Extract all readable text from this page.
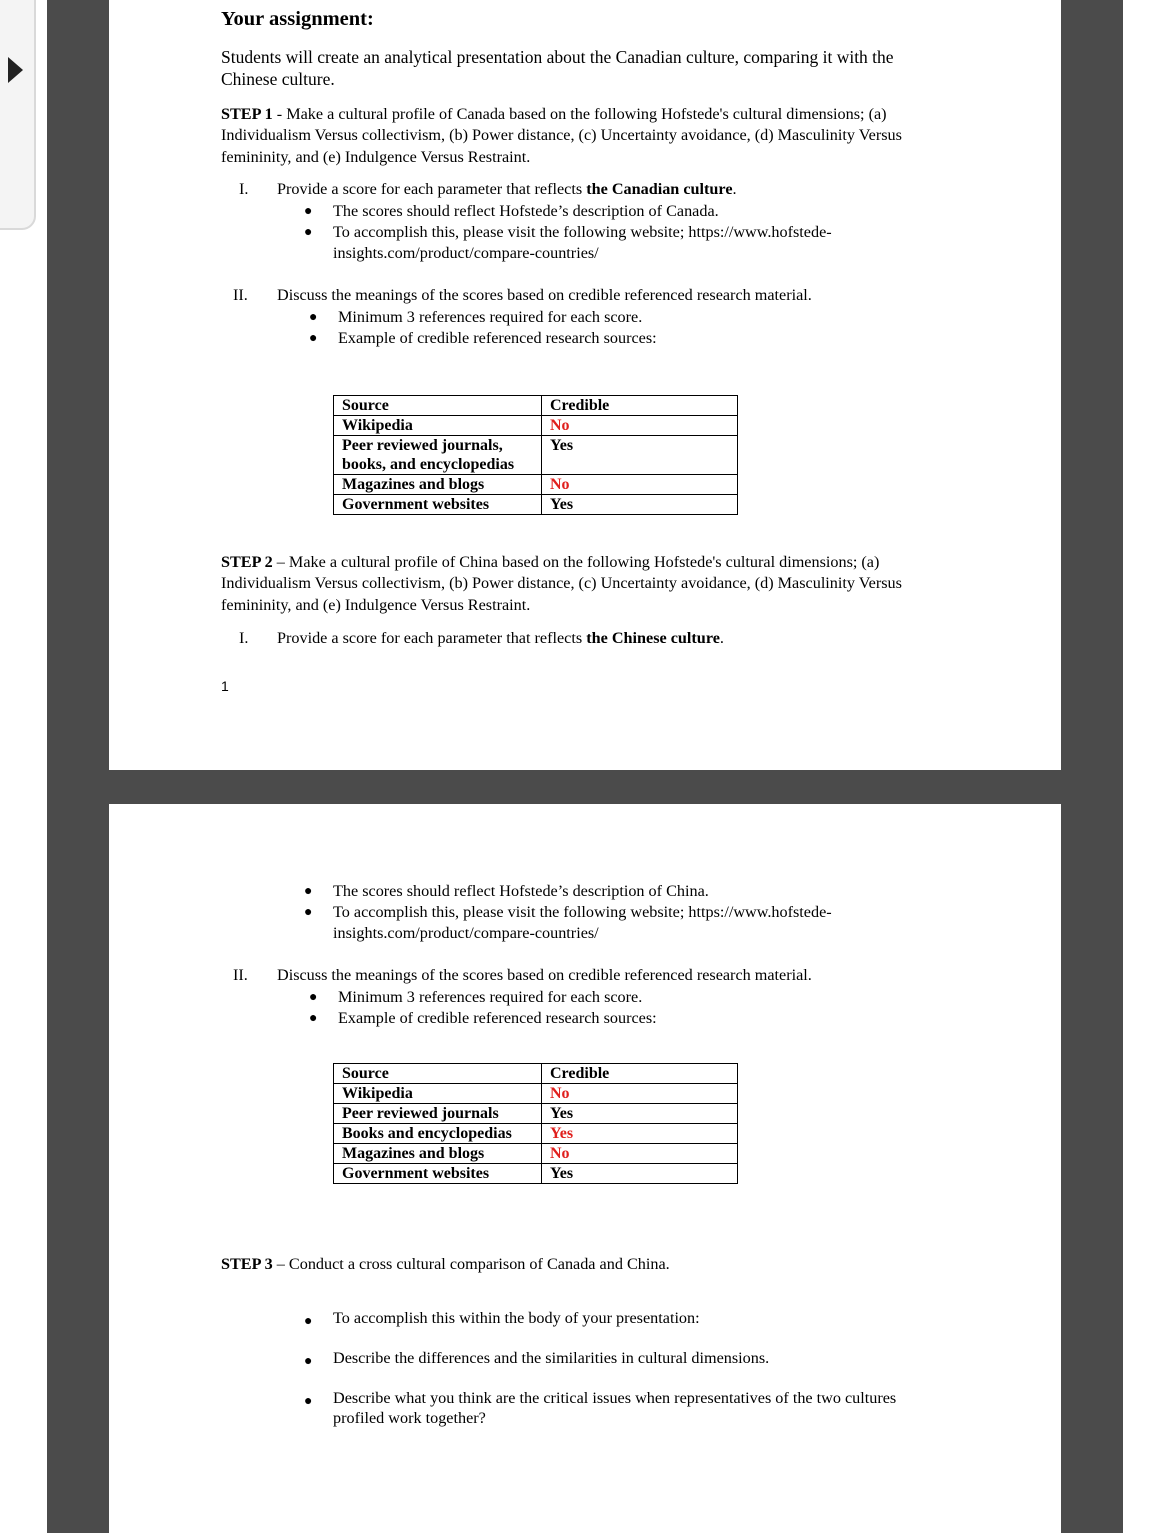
Your assignment:

Students will create an analytical presentation about the Canadian culture, comparing it with the

Chinese culture.

STEP 1 - Make a cultural profile of Canada based on the following Hofstede's cultural dimensions; (a)

Individualism Versus collectivism, (b) Power distance, (c) Uncertainty avoidance, (d) Masculinity Versus

femininity, and (e) Indulgence Versus Restraint.

I. Provide a score for each parameter that reflects the Canadian culture.

● The scores should reflect Hofstede’s description of Canada.

● To accomplish this, please visit the following website; https://www.hofstede-

insights.com/product/compare-countries/

II. Discuss the meanings of the scores based on credible referenced research material.

● Minimum 3 references required for each score.

● Example of credible referenced research sources:

Source	Credible
Wikipedia	No
Peer reviewed journals,
books, and encyclopedias	Yes
Magazines and blogs	No
Government websites	Yes

STEP 2 – Make a cultural profile of China based on the following Hofstede's cultural dimensions; (a)

Individualism Versus collectivism, (b) Power distance, (c) Uncertainty avoidance, (d) Masculinity Versus

femininity, and (e) Indulgence Versus Restraint.

I. Provide a score for each parameter that reflects the Chinese culture.

1

● The scores should reflect Hofstede’s description of China.

● To accomplish this, please visit the following website; https://www.hofstede-

insights.com/product/compare-countries/

II. Discuss the meanings of the scores based on credible referenced research material.

● Minimum 3 references required for each score.

● Example of credible referenced research sources:

Source	Credible
Wikipedia	No
Peer reviewed journals	Yes
Books and encyclopedias	Yes
Magazines and blogs	No
Government websites	Yes

STEP 3 – Conduct a cross cultural comparison of Canada and China.

● To accomplish this within the body of your presentation:

● Describe the differences and the similarities in cultural dimensions.

● Describe what you think are the critical issues when representatives of the two cultures

profiled work together?
